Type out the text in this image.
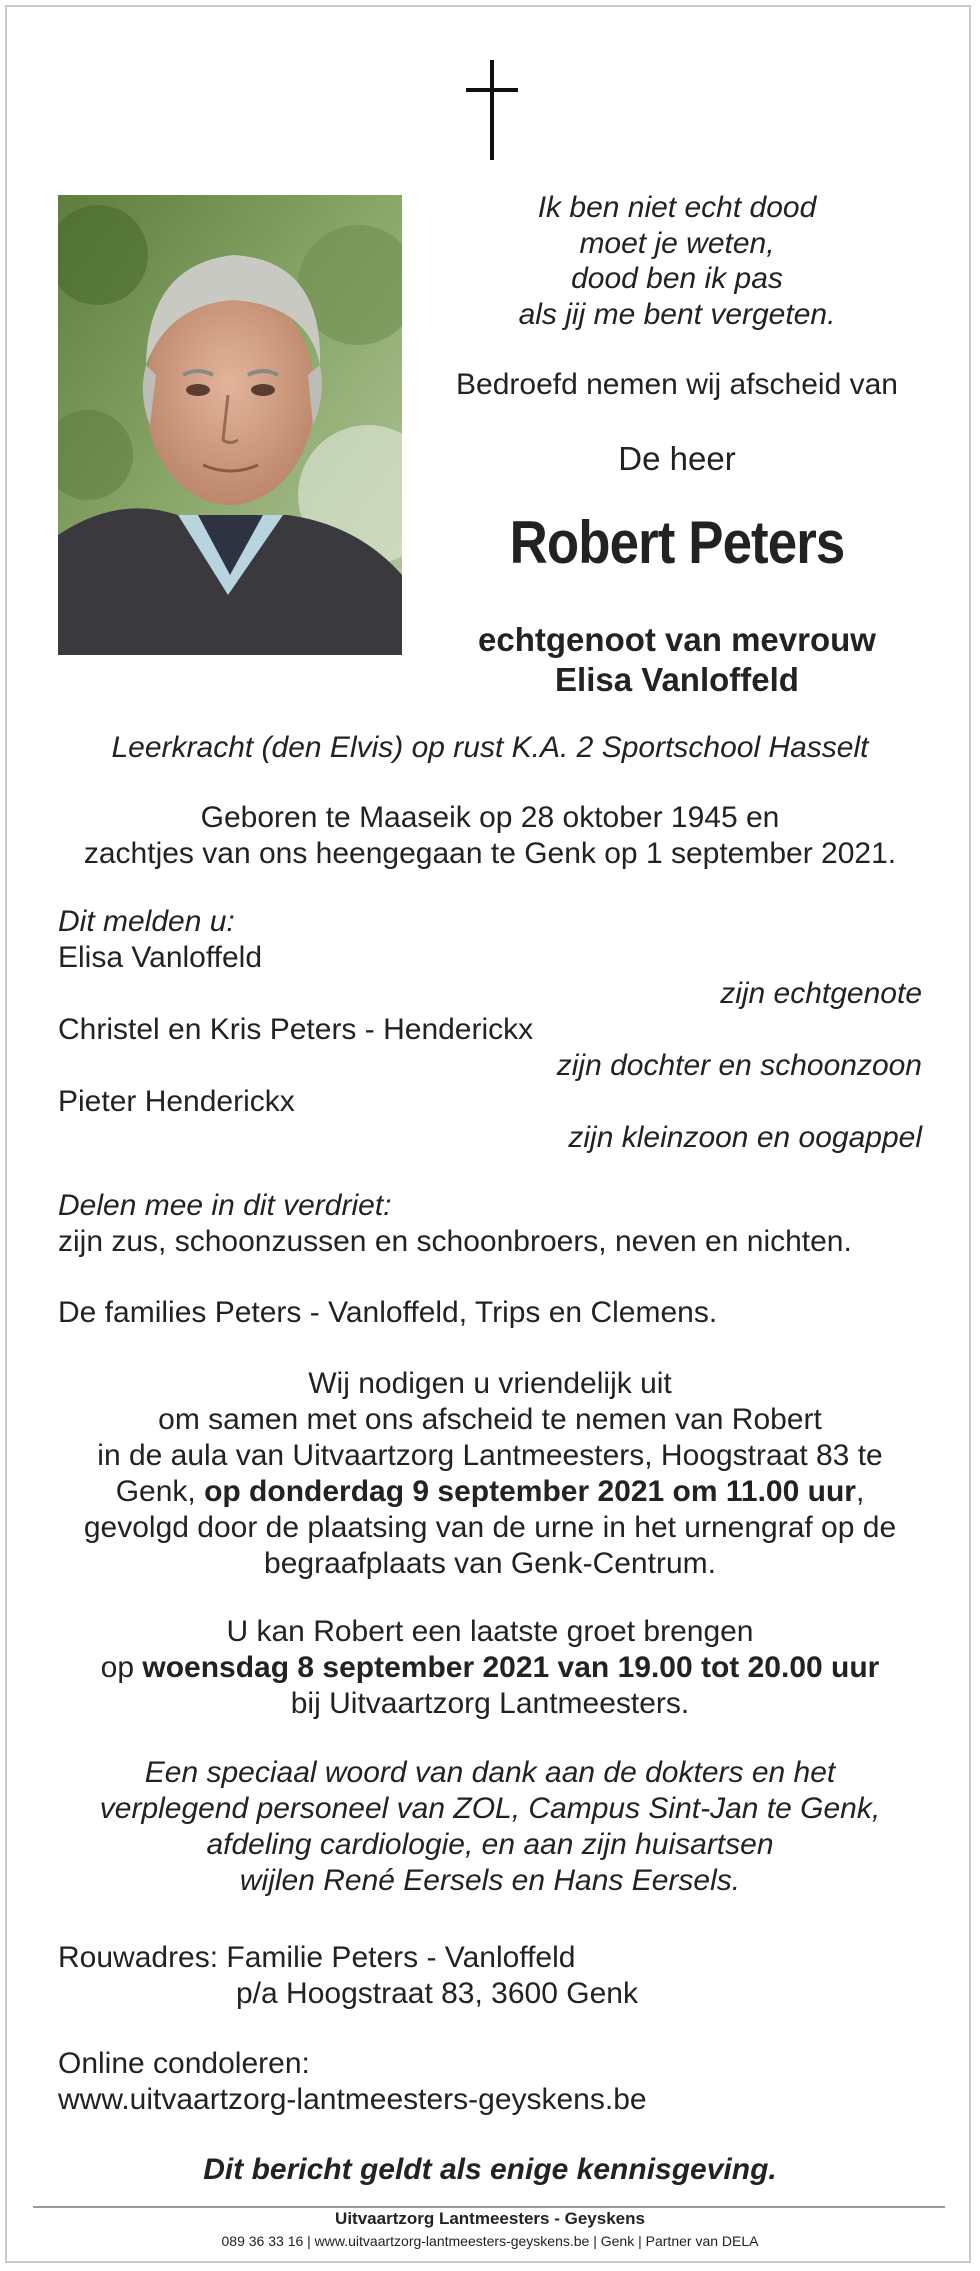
Ik ben niet echt dood
moet je weten,
dood ben ik pas
als jij me bent vergeten.
Bedroefd nemen wij afscheid van
De heer
Robert Peters
echtgenoot van mevrouw
Elisa Vanloffeld
Leerkracht (den Elvis) op rust K.A. 2 Sportschool Hasselt
Geboren te Maaseik op 28 oktober 1945 en
zachtjes van ons heengegaan te Genk op 1 september 2021.
Dit melden u:
Elisa Vanloffeld
zijn echtgenote
Christel en Kris Peters - Henderickx
zijn dochter en schoonzoon
Pieter Henderickx
zijn kleinzoon en oogappel
Delen mee in dit verdriet:
zijn zus, schoonzussen en schoonbroers, neven en nichten.
De families Peters - Vanloffeld, Trips en Clemens.
Wij nodigen u vriendelijk uit
om samen met ons afscheid te nemen van Robert
in de aula van Uitvaartzorg Lantmeesters, Hoogstraat 83 te
Genk, op donderdag 9 september 2021 om 11.00 uur,
gevolgd door de plaatsing van de urne in het urnengraf op de
begraafplaats van Genk-Centrum.
U kan Robert een laatste groet brengen
op woensdag 8 september 2021 van 19.00 tot 20.00 uur
bij Uitvaartzorg Lantmeesters.
Een speciaal woord van dank aan de dokters en het
verplegend personeel van ZOL, Campus Sint-Jan te Genk,
afdeling cardiologie, en aan zijn huisartsen
wijlen René Eersels en Hans Eersels.
Rouwadres: Familie Peters - Vanloffeld
p/a Hoogstraat 83, 3600 Genk
Online condoleren:
www.uitvaartzorg-lantmeesters-geyskens.be
Dit bericht geldt als enige kennisgeving.
Uitvaartzorg Lantmeesters - Geyskens
089 36 33 16 | www.uitvaartzorg-lantmeesters-geyskens.be | Genk | Partner van DELA
